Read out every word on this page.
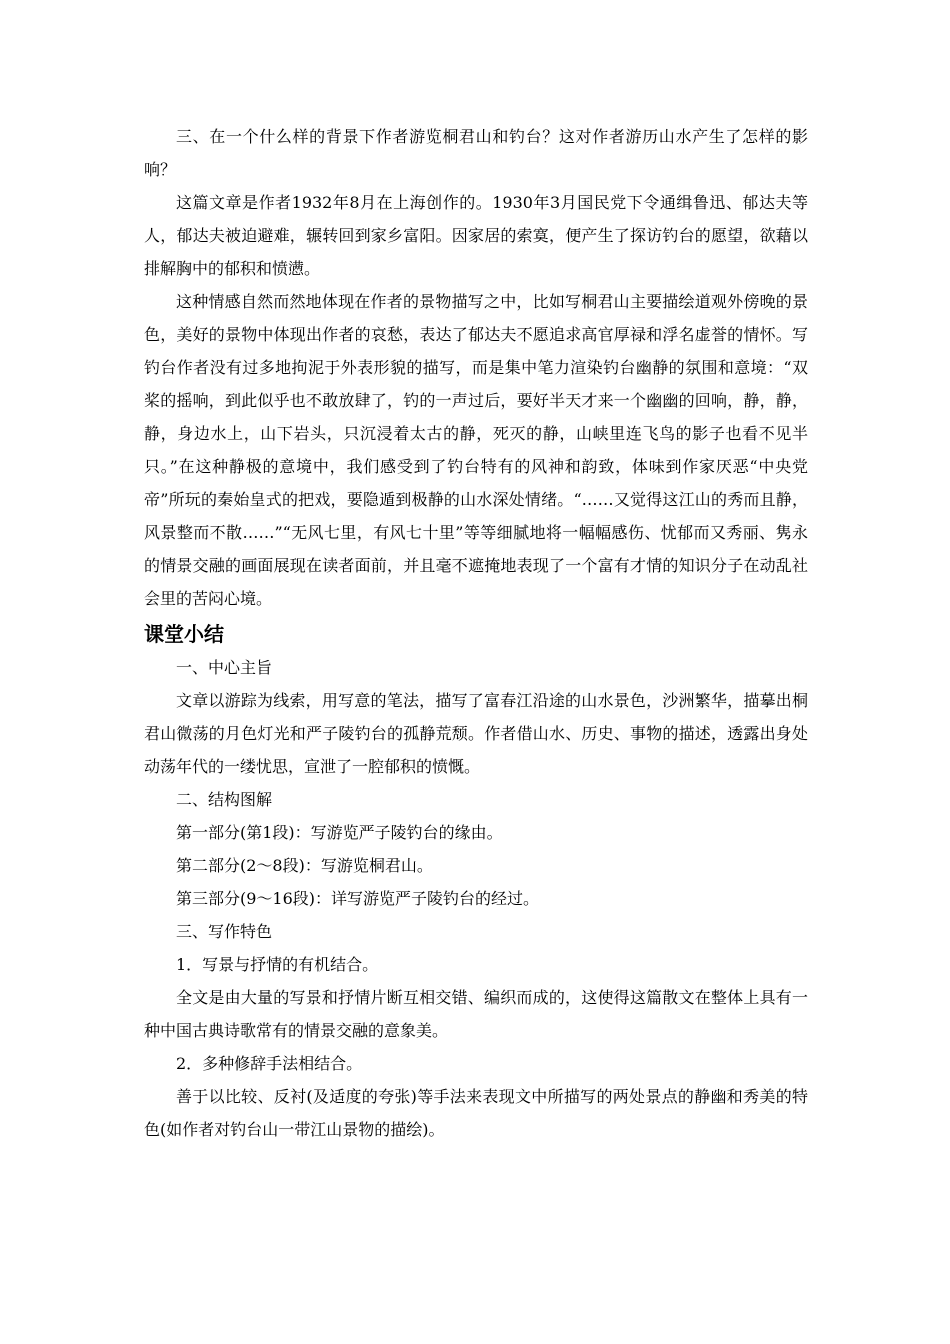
三、在一个什么样的背景下作者游览桐君山和钓台？这对作者游历山水产生了怎样的影响？

这篇文章是作者1932年8月在上海创作的。1930年3月国民党下令通缉鲁迅、郁达夫等人，郁达夫被迫避难，辗转回到家乡富阳。因家居的索寞，便产生了探访钓台的愿望，欲藉以排解胸中的郁积和愤懑。

这种情感自然而然地体现在作者的景物描写之中，比如写桐君山主要描绘道观外傍晚的景色，美好的景物中体现出作者的哀愁，表达了郁达夫不愿追求高官厚禄和浮名虚誉的情怀。写钓台作者没有过多地拘泥于外表形貌的描写，而是集中笔力渲染钓台幽静的氛围和意境：“双桨的摇响，到此似乎也不敢放肆了，钓的一声过后，要好半天才来一个幽幽的回响，静，静，静，身边水上，山下岩头，只沉浸着太古的静，死灭的静，山峡里连飞鸟的影子也看不见半只。”在这种静极的意境中，我们感受到了钓台特有的风神和韵致，体味到作家厌恶“中央党帝”所玩的秦始皇式的把戏，要隐遁到极静的山水深处情绪。“……又觉得这江山的秀而且静，风景整而不散……”“无风七里，有风七十里”等等细腻地将一幅幅感伤、忧郁而又秀丽、隽永的情景交融的画面展现在读者面前，并且毫不遮掩地表现了一个富有才情的知识分子在动乱社会里的苦闷心境。

课堂小结

一、中心主旨

文章以游踪为线索，用写意的笔法，描写了富春江沿途的山水景色，沙洲繁华，描摹出桐君山微荡的月色灯光和严子陵钓台的孤静荒颓。作者借山水、历史、事物的描述，透露出身处动荡年代的一缕忧思，宣泄了一腔郁积的愤慨。

二、结构图解

第一部分(第1段)：写游览严子陵钓台的缘由。

第二部分(2～8段)：写游览桐君山。

第三部分(9～16段)：详写游览严子陵钓台的经过。

三、写作特色

1．写景与抒情的有机结合。

全文是由大量的写景和抒情片断互相交错、编织而成的，这使得这篇散文在整体上具有一种中国古典诗歌常有的情景交融的意象美。

2．多种修辞手法相结合。

善于以比较、反衬(及适度的夸张)等手法来表现文中所描写的两处景点的静幽和秀美的特色(如作者对钓台山一带江山景物的描绘)。
